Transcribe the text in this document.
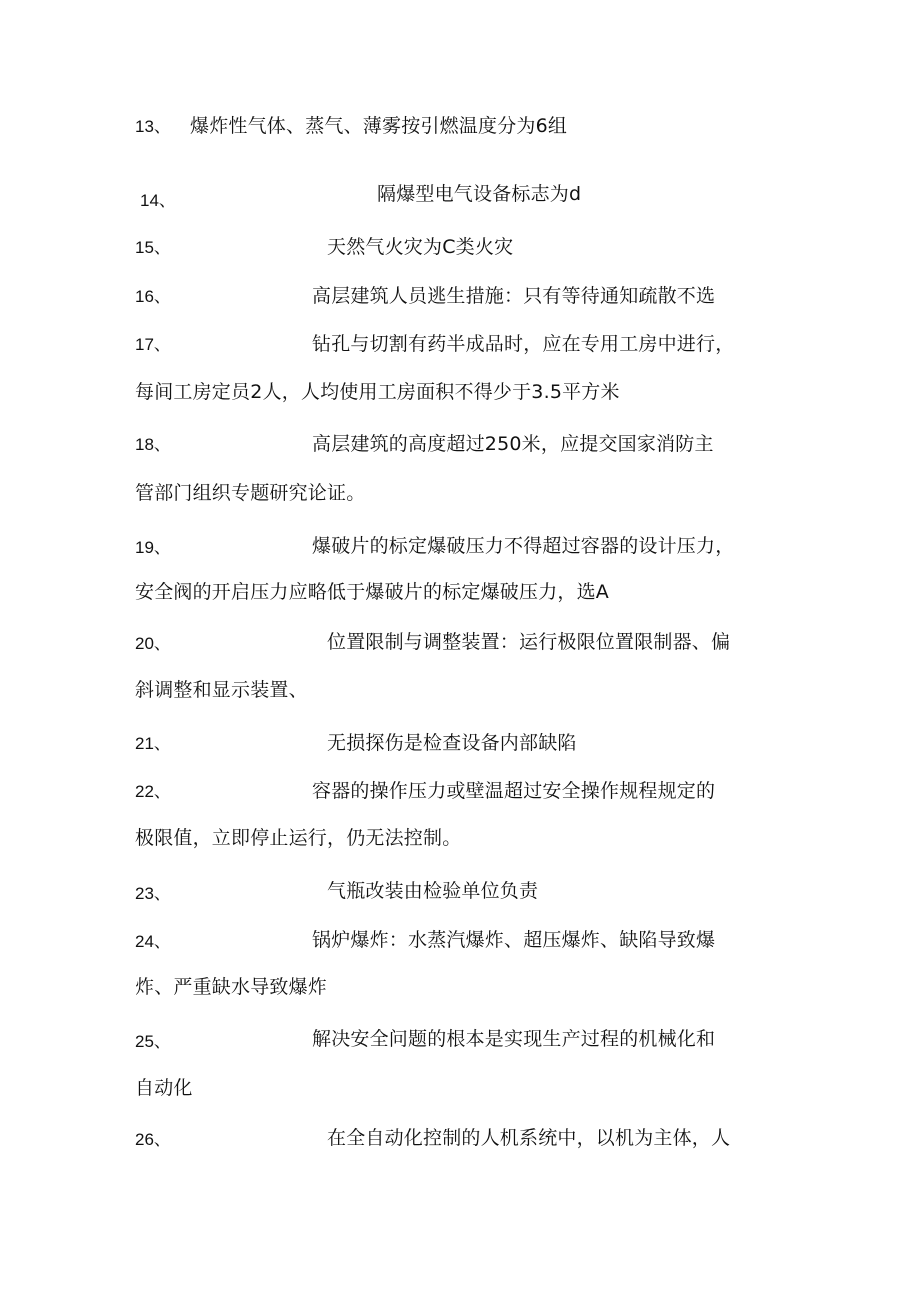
13、 爆炸性气体、蒸气、薄雾按引燃温度分为6组
14、	隔爆型电气设备标志为d
15、	天然气火灾为C类火灾
16、	高层建筑人员逃生措施：只有等待通知疏散不选
17、	钻孔与切割有药半成品时，应在专用工房中进行，
每间工房定员2人，人均使用工房面积不得少于3.5平方米
18、	高层建筑的高度超过250米，应提交国家消防主
管部门组织专题研究论证。
19、	爆破片的标定爆破压力不得超过容器的设计压力，
安全阀的开启压力应略低于爆破片的标定爆破压力，选A
20、	位置限制与调整装置：运行极限位置限制器、偏
斜调整和显示装置、
21、	无损探伤是检查设备内部缺陷
22、	容器的操作压力或壁温超过安全操作规程规定的
极限值，立即停止运行，仍无法控制。
23、	气瓶改装由检验单位负责
24、	锅炉爆炸：水蒸汽爆炸、超压爆炸、缺陷导致爆
炸、严重缺水导致爆炸
25、	解决安全问题的根本是实现生产过程的机械化和
自动化
26、	在全自动化控制的人机系统中，以机为主体，人
